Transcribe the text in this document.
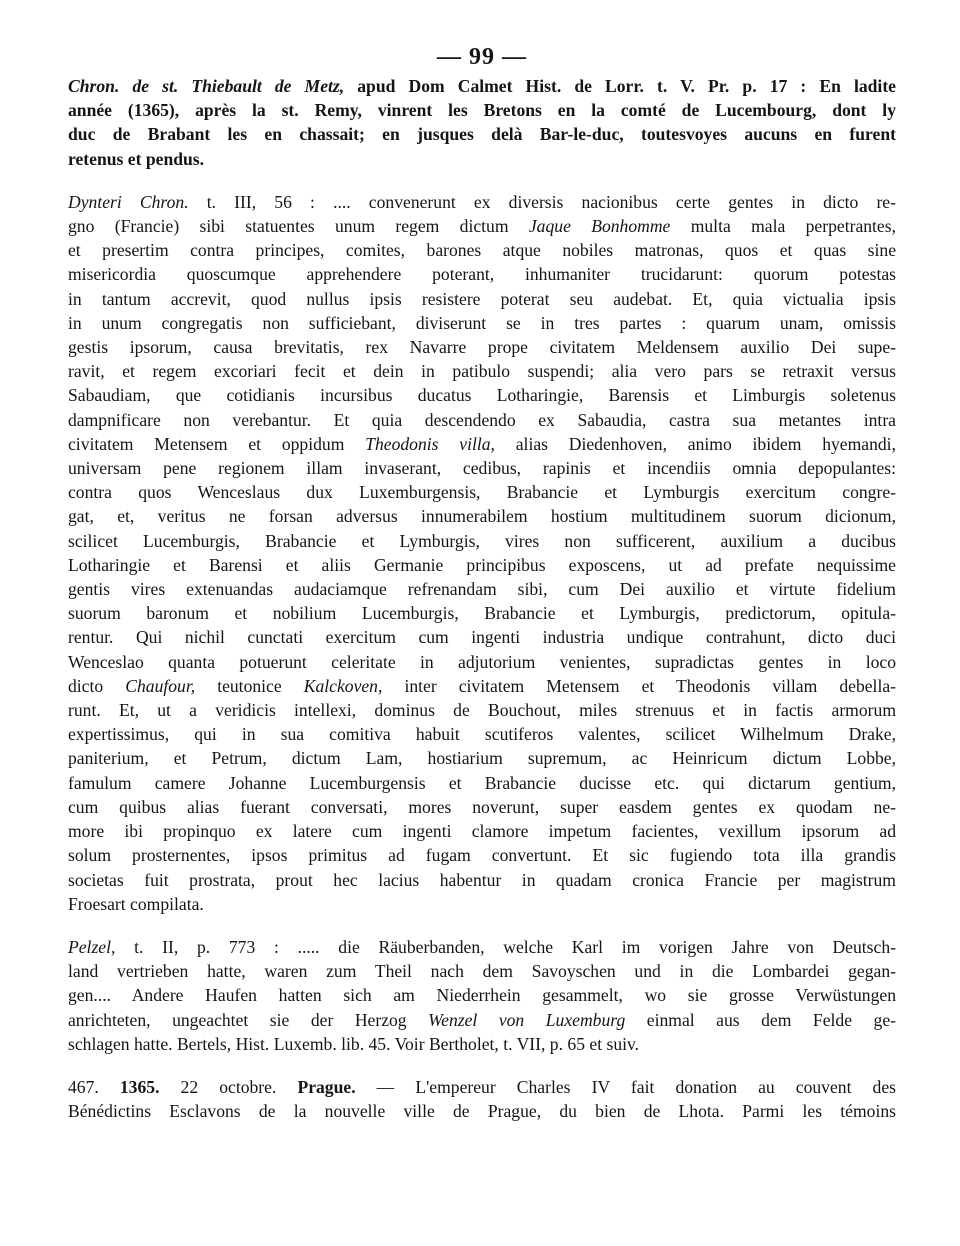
— 99 —
Chron. de st. Thiebault de Metz, apud Dom Calmet Hist. de Lorr. t. V. Pr. p. 17 : En ladite
année (1365), après la st. Remy, vinrent les Bretons en la comté de Lucembourg, dont ly
duc de Brabant les en chassait; en jusques delà Bar-le-duc, toutesvoyes aucuns en furent
retenus et pendus.
Dynteri Chron. t. III, 56 : .... convenerunt ex diversis nacionibus certe gentes in dicto re-
gno (Francie) sibi statuentes unum regem dictum Jaque Bonhomme multa mala perpetrantes,
et presertim contra principes, comites, barones atque nobiles matronas, quos et quas sine
misericordia quoscumque apprehendere poterant, inhumaniter trucidarunt: quorum potestas
in tantum accrevit, quod nullus ipsis resistere poterat seu audebat. Et, quia victualia ipsis
in unum congregatis non sufficiebant, diviserunt se in tres partes : quarum unam, omissis
gestis ipsorum, causa brevitatis, rex Navarre prope civitatem Meldensem auxilio Dei supe-
ravit, et regem excoriari fecit et dein in patibulo suspendi; alia vero pars se retraxit versus
Sabaudiam, que cotidianis incursibus ducatus Lotharingie, Barensis et Limburgis soletenus
dampnificare non verebantur. Et quia descendendo ex Sabaudia, castra sua metantes intra
civitatem Metensem et oppidum Theodonis villa, alias Diedenhoven, animo ibidem hyemandi,
universam pene regionem illam invaserant, cedibus, rapinis et incendiis omnia depopulantes:
contra quos Wenceslaus dux Luxemburgensis, Brabancie et Lymburgis exercitum congre-
gat, et, veritus ne forsan adversus innumerabilem hostium multitudinem suorum dicionum,
scilicet Lucemburgis, Brabancie et Lymburgis, vires non sufficerent, auxilium a ducibus
Lotharingie et Barensi et aliis Germanie principibus exposcens, ut ad prefate nequissime
gentis vires extenuandas audaciamque refrenandam sibi, cum Dei auxilio et virtute fidelium
suorum baronum et nobilium Lucemburgis, Brabancie et Lymburgis, predictorum, opitula-
rentur. Qui nichil cunctati exercitum cum ingenti industria undique contrahunt, dicto duci
Wenceslao quanta potuerunt celeritate in adjutorium venientes, supradictas gentes in loco
dicto Chaufour, teutonice Kalckoven, inter civitatem Metensem et Theodonis villam debella-
runt. Et, ut a veridicis intellexi, dominus de Bouchout, miles strenuus et in factis armorum
expertissimus, qui in sua comitiva habuit scutiferos valentes, scilicet Wilhelmum Drake,
paniterium, et Petrum, dictum Lam, hostiarium supremum, ac Heinricum dictum Lobbe,
famulum camere Johanne Lucemburgensis et Brabancie ducisse etc. qui dictarum gentium,
cum quibus alias fuerant conversati, mores noverunt, super easdem gentes ex quodam ne-
more ibi propinquo ex latere cum ingenti clamore impetum facientes, vexillum ipsorum ad
solum prosternentes, ipsos primitus ad fugam convertunt. Et sic fugiendo tota illa grandis
societas fuit prostrata, prout hec lacius habentur in quadam cronica Francie per magistrum
Froesart compilata.
Pelzel, t. II, p. 773 : ..... die Räuberbanden, welche Karl im vorigen Jahre von Deutsch-
land vertrieben hatte, waren zum Theil nach dem Savoyschen und in die Lombardei gegan-
gen.... Andere Haufen hatten sich am Niederrhein gesammelt, wo sie grosse Verwüstungen
anrichteten, ungeachtet sie der Herzog Wenzel von Luxemburg einmal aus dem Felde ge-
schlagen hatte. Bertels, Hist. Luxemb. lib. 45. Voir Bertholet, t. VII, p. 65 et suiv.
467. 1365. 22 octobre. Prague. — L'empereur Charles IV fait donation au couvent des
Bénédictins Esclavons de la nouvelle ville de Prague, du bien de Lhota. Parmi les témoins
